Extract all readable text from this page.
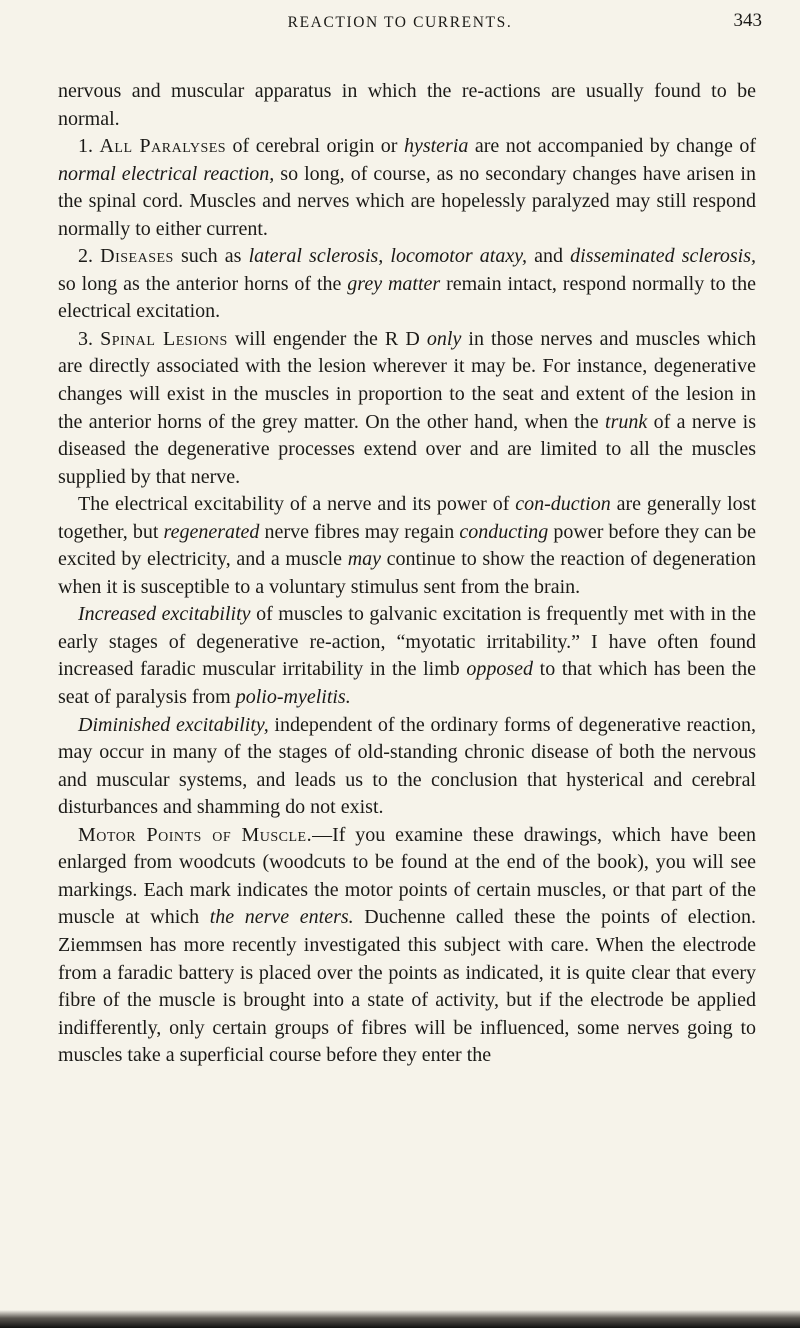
REACTION TO CURRENTS.	343

nervous and muscular apparatus in which the re-actions are usually found to be normal.

1. All Paralyses of cerebral origin or hysteria are not accompanied by change of normal electrical reaction, so long, of course, as no secondary changes have arisen in the spinal cord. Muscles and nerves which are hopelessly paralyzed may still respond normally to either current.

2. Diseases such as lateral sclerosis, locomotor ataxy, and disseminated sclerosis, so long as the anterior horns of the grey matter remain intact, respond normally to the electrical excitation.

3. Spinal Lesions will engender the R D only in those nerves and muscles which are directly associated with the lesion wherever it may be. For instance, degenerative changes will exist in the muscles in proportion to the seat and extent of the lesion in the anterior horns of the grey matter. On the other hand, when the trunk of a nerve is diseased the degenerative processes extend over and are limited to all the muscles supplied by that nerve.

The electrical excitability of a nerve and its power of con-duction are generally lost together, but regenerated nerve fibres may regain conducting power before they can be excited by electricity, and a muscle may continue to show the reaction of degeneration when it is susceptible to a voluntary stimulus sent from the brain.

Increased excitability of muscles to galvanic excitation is frequently met with in the early stages of degenerative re-action, “myotatic irritability.” I have often found increased faradic muscular irritability in the limb opposed to that which has been the seat of paralysis from polio-myelitis.

Diminished excitability, independent of the ordinary forms of degenerative reaction, may occur in many of the stages of old-standing chronic disease of both the nervous and muscular systems, and leads us to the conclusion that hysterical and cerebral disturbances and shamming do not exist.

Motor Points of Muscle.—If you examine these drawings, which have been enlarged from woodcuts (woodcuts to be found at the end of the book), you will see markings. Each mark indicates the motor points of certain muscles, or that part of the muscle at which the nerve enters. Duchenne called these the points of election. Ziemmsen has more recently investigated this subject with care. When the electrode from a faradic battery is placed over the points as indicated, it is quite clear that every fibre of the muscle is brought into a state of activity, but if the electrode be applied indifferently, only certain groups of fibres will be influenced, some nerves going to muscles take a superficial course before they enter the
